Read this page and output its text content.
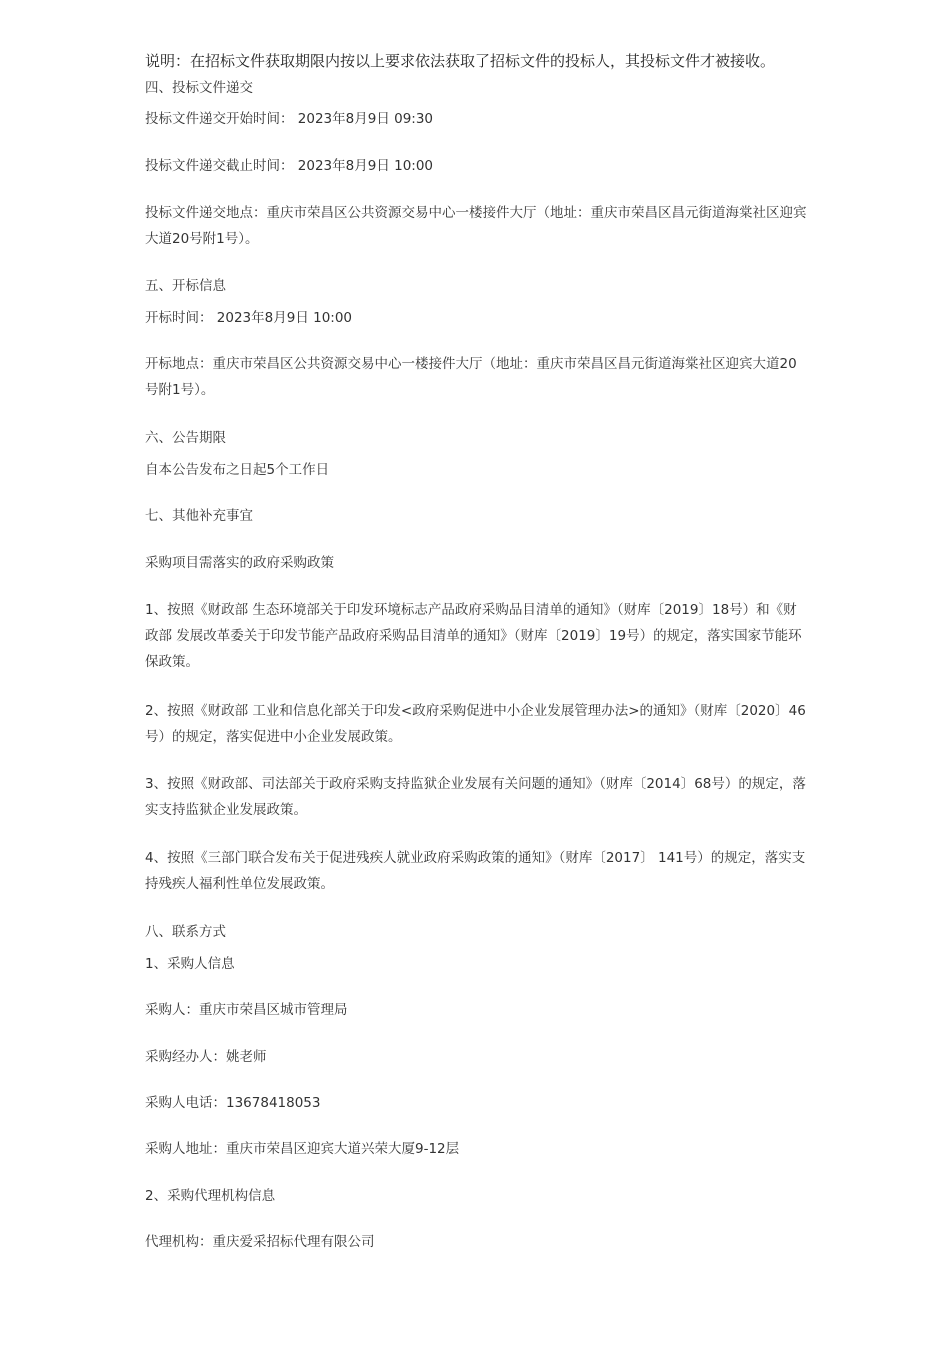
说明：在招标文件获取期限内按以上要求依法获取了招标文件的投标人，其投标文件才被接收。

四、投标文件递交

投标文件递交开始时间： 2023年8月9日 09:30

投标文件递交截止时间： 2023年8月9日 10:00

投标文件递交地点：重庆市荣昌区公共资源交易中心一楼接件大厅（地址：重庆市荣昌区昌元街道海棠社区迎宾大道20号附1号）。

五、开标信息

开标时间： 2023年8月9日 10:00

开标地点：重庆市荣昌区公共资源交易中心一楼接件大厅（地址：重庆市荣昌区昌元街道海棠社区迎宾大道20号附1号）。

六、公告期限

自本公告发布之日起5个工作日

七、其他补充事宜

采购项目需落实的政府采购政策

1、按照《财政部 生态环境部关于印发环境标志产品政府采购品目清单的通知》（财库〔2019〕18号）和《财政部 发展改革委关于印发节能产品政府采购品目清单的通知》（财库〔2019〕19号）的规定，落实国家节能环保政策。

2、按照《财政部 工业和信息化部关于印发<政府采购促进中小企业发展管理办法>的通知》（财库〔2020〕46号）的规定，落实促进中小企业发展政策。

3、按照《财政部、司法部关于政府采购支持监狱企业发展有关问题的通知》（财库〔2014〕68号）的规定，落实支持监狱企业发展政策。

4、按照《三部门联合发布关于促进残疾人就业政府采购政策的通知》（财库〔2017〕 141号）的规定，落实支持残疾人福利性单位发展政策。

八、联系方式

1、采购人信息

采购人：重庆市荣昌区城市管理局

采购经办人：姚老师

采购人电话：13678418053

采购人地址：重庆市荣昌区迎宾大道兴荣大厦9-12层

2、采购代理机构信息

代理机构：重庆爱采招标代理有限公司
